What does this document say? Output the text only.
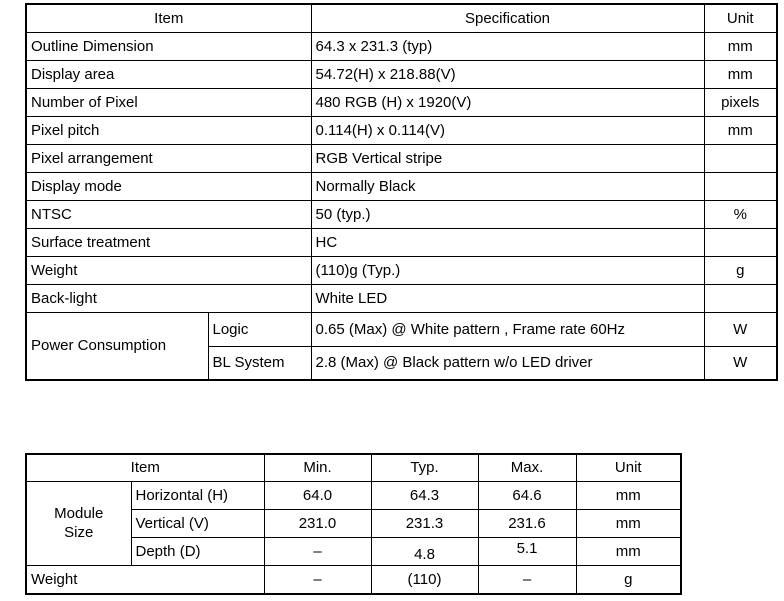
Item		Specification	Unit
Outline Dimension		64.3 x 231.3 (typ)	mm
Display area		54.72(H) x 218.88(V)	mm
Number of Pixel		480 RGB (H) x 1920(V)	pixels
Pixel pitch		0.114(H) x 0.114(V)	mm
Pixel arrangement		RGB Vertical stripe	
Display mode		Normally Black	
NTSC		50 (typ.)	%
Surface treatment		HC	
Weight		(110)g (Typ.)	g
Back-light		White LED	
Power Consumption	Logic	0.65 (Max) @ White pattern , Frame rate 60Hz	W
	BL System	2.8 (Max) @ Black pattern w/o LED driver	W
Item		Min.	Typ.	Max.	Unit
Module Size	Horizontal (H)	64.0	64.3	64.6	mm
	Vertical (V)	231.0	231.3	231.6	mm
	Depth (D)	–	4.8	5.1	mm
Weight		–	(110)	–	g
